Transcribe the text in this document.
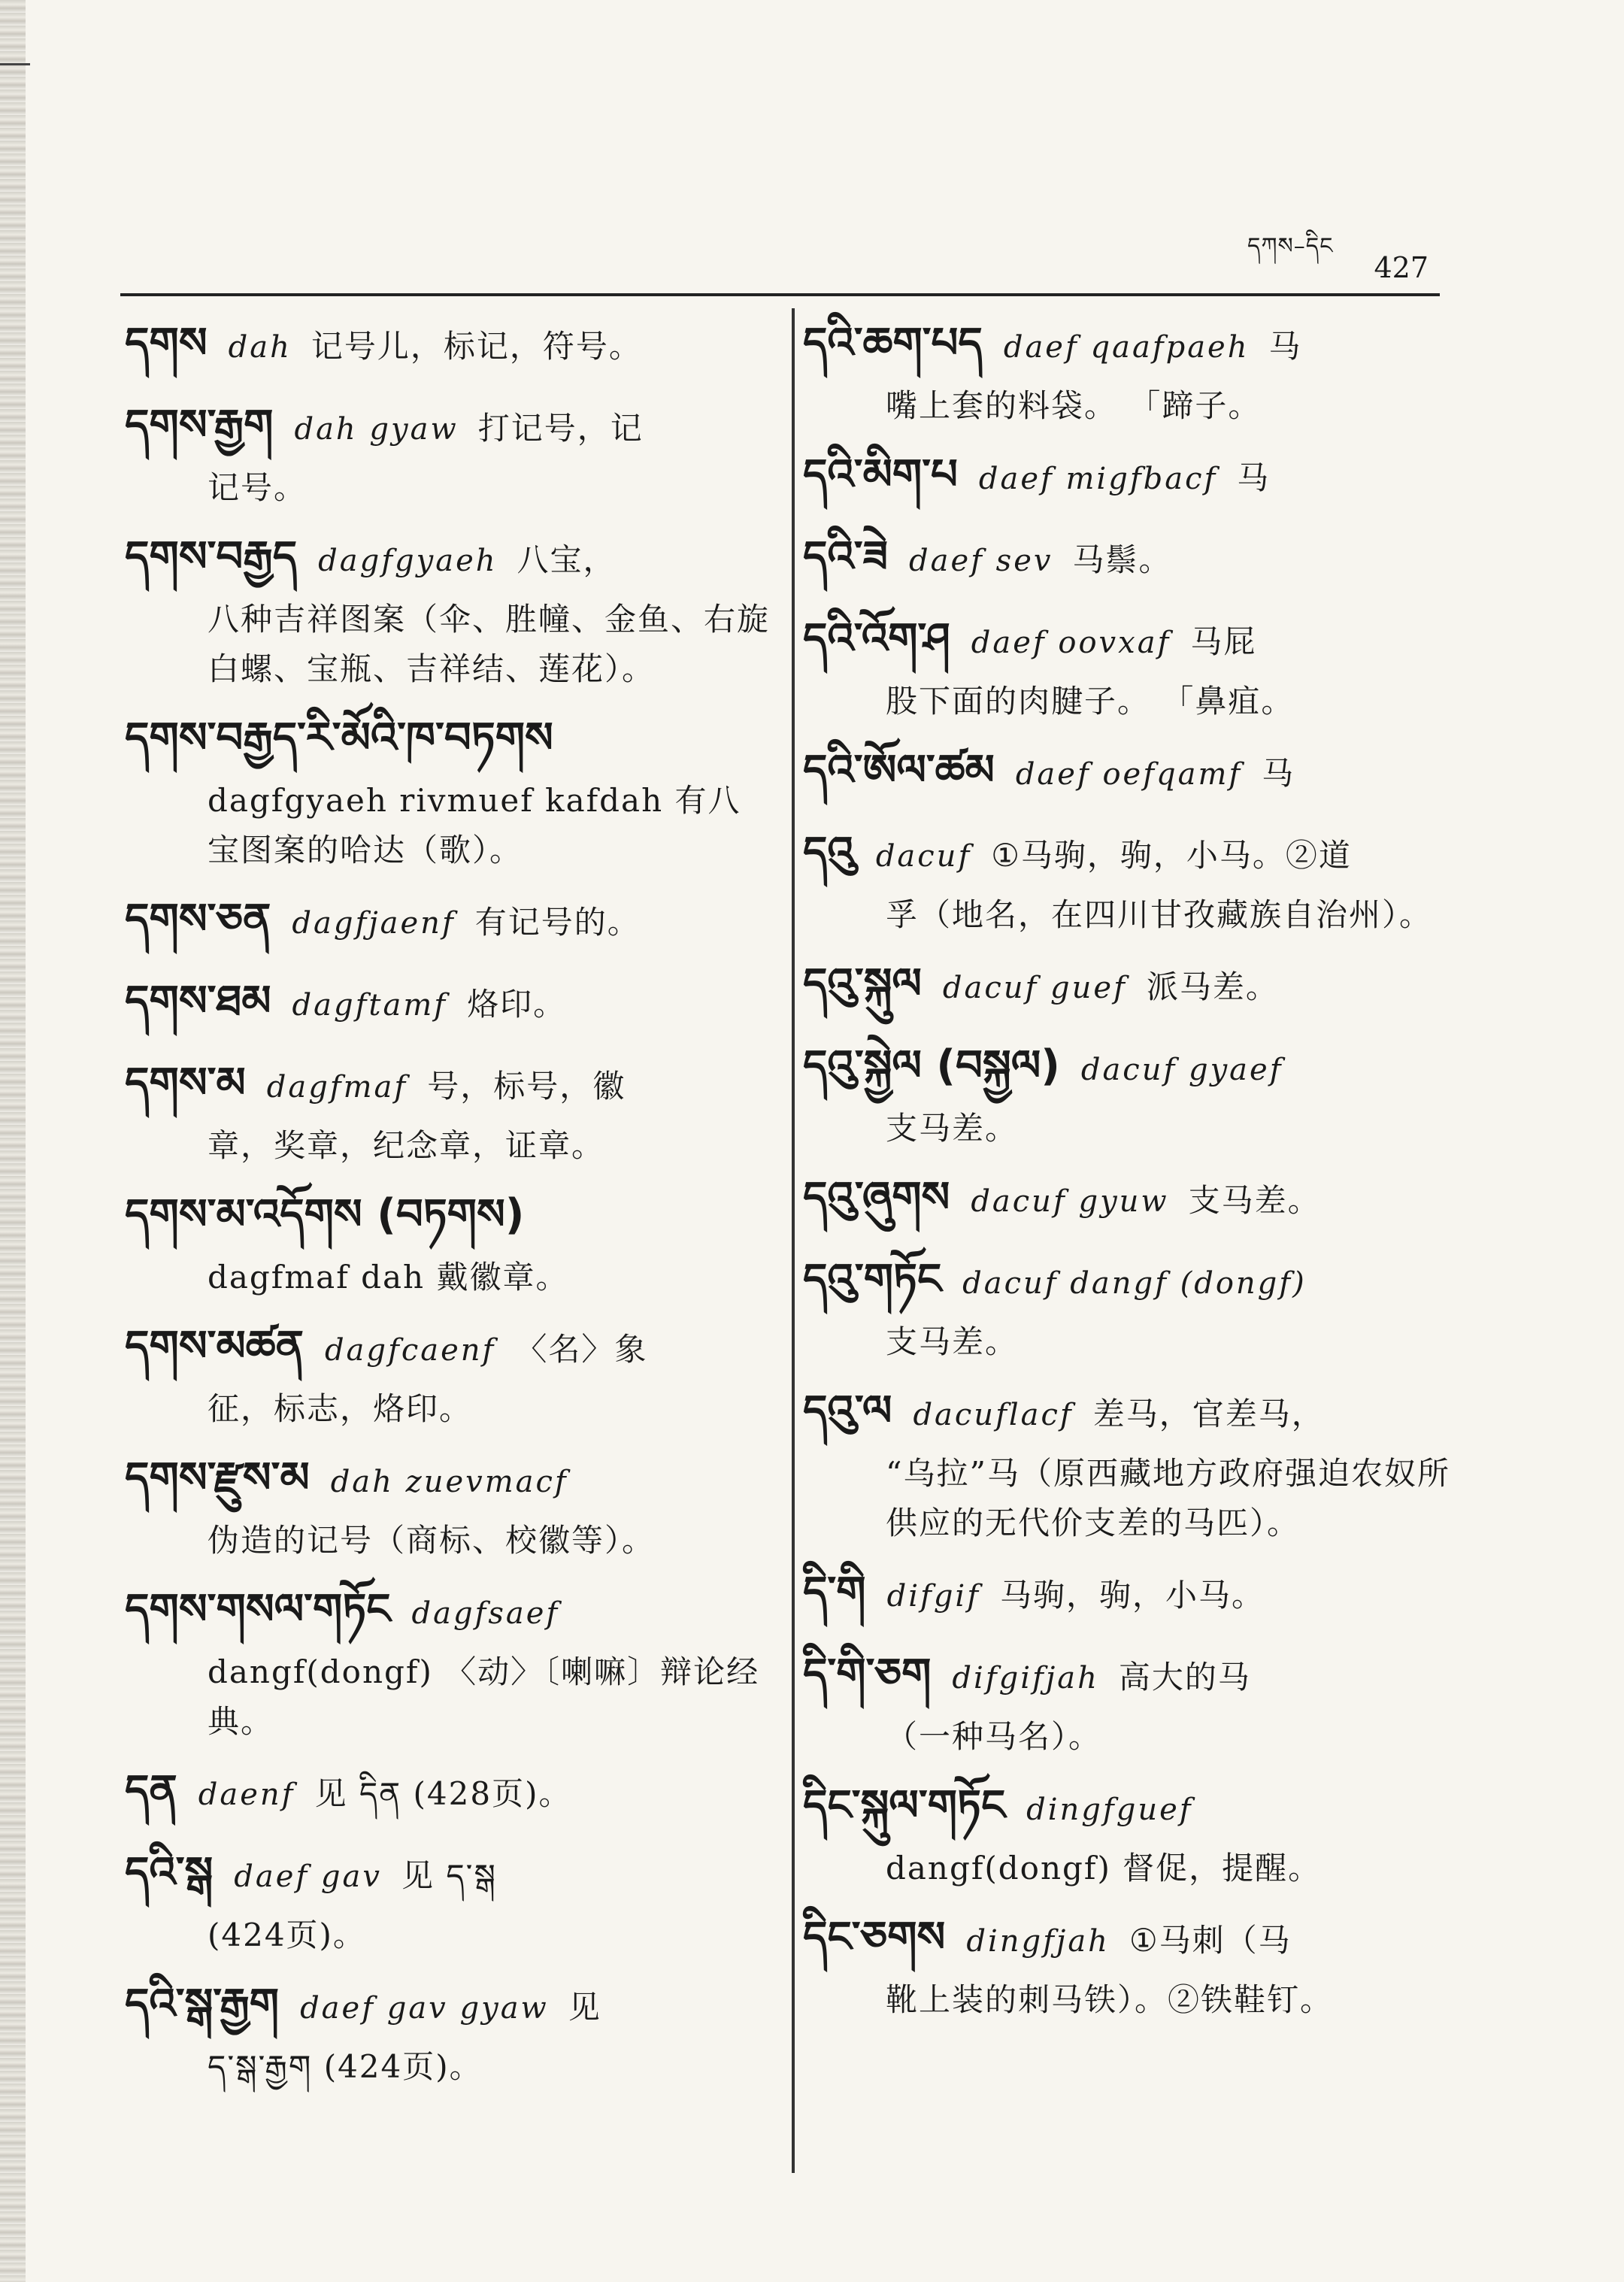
དཀས–དིང
427
དགས dah 记号儿，标记，符号。
དགས་རྒྱག dah gyaw 打记号，记
记号。
དགས་བརྒྱད dagfgyaeh 八宝，
八种吉祥图案（伞、胜幢、金鱼、右旋白螺、宝瓶、吉祥结、莲花）。
དགས་བརྒྱད་རི་མོའི་ཁ་བཏགས
dagfgyaeh rivmuef kafdah 有八宝图案的哈达（歌）。
དགས་ཅན dagfjaenf 有记号的。
དགས་ཐམ dagftamf 烙印。
དགས་མ dagfmaf 号，标号，徽
章，奖章，纪念章，证章。
དགས་མ་འདོགས (བཏགས)
dagfmaf dah 戴徽章。
དགས་མཚན dagfcaenf 〈名〉象
征，标志，烙印。
དགས་རྫུས་མ dah zuevmacf
伪造的记号（商标、校徽等）。
དགས་གསལ་གཏོང dagfsaef
dangf(dongf) 〈动〉〔喇嘛〕辩论经典。
དན daenf 见 དིན (428页)。
དའི་སྒ daef gav 见 ད་སྒ
(424页)。
དའི་སྒ་རྒྱག daef gav gyaw 见
ད་སྒ་རྒྱག (424页)。
དའི་ཆག་པད daef qaafpaeh 马
嘴上套的料袋。 「蹄子。
དའི་མིག་པ daef migfbacf 马
དའི་ཟེ daef sev 马鬃。
དའི་འོག་ཤ daef oovxaf 马屁
股下面的肉腱子。 「鼻疽。
དའི་ཨོལ་ཚམ daef oefqamf 马
དའུ dacuf ①马驹，驹，小马。②道
孚（地名，在四川甘孜藏族自治州）。
དའུ་སྐུལ dacuf guef 派马差。
དའུ་སྐྱེལ (བསྐྱལ) dacuf gyaef
支马差。
དའུ་ཞུགས dacuf gyuw 支马差。
དའུ་གཏོང dacuf dangf (dongf)
支马差。
དའུ་ལ dacuflacf 差马，官差马，
“乌拉”马（原西藏地方政府强迫农奴所供应的无代价支差的马匹）。
དི་གི difgif 马驹，驹，小马。
དི་གི་ཅག difgifjah 高大的马
（一种马名）。
དིང་སྐུལ་གཏོང dingfguef
dangf(dongf) 督促，提醒。
དིང་ཅགས dingfjah ①马刺（马
靴上装的刺马铁）。②铁鞋钉。
